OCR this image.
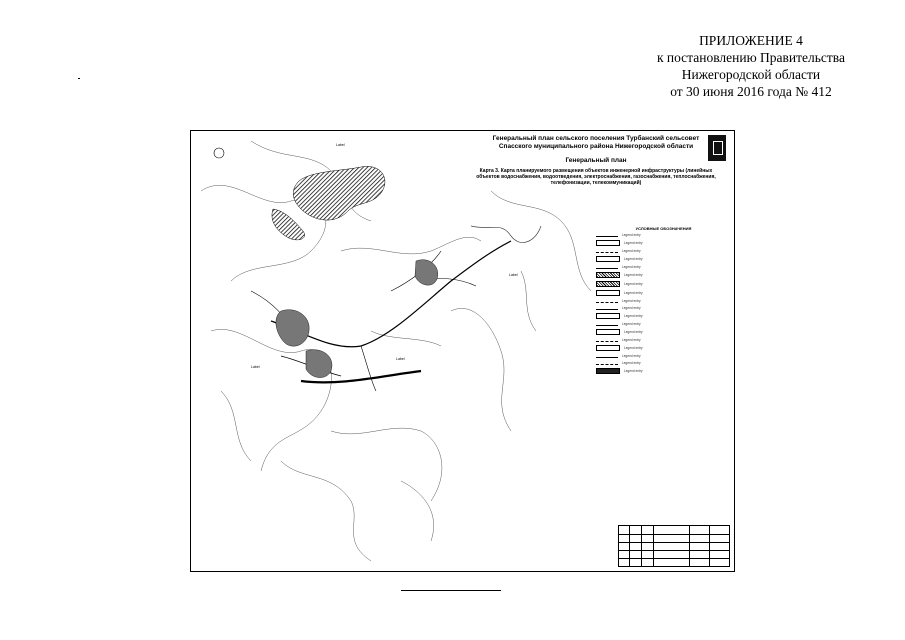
ПРИЛОЖЕНИЕ 4
к постановлению Правительства
Нижегородской области
от 30 июня 2016 года № 412
Генеральный план сельского поселения Турбанский сельсовет
Спасского муниципального района Нижегородской области
Генеральный план
Карта 3. Карта планируемого размещения объектов инженерной инфраструктуры (линейных объектов водоснабжения, водоотведения, электроснабжения, газоснабжения, теплоснабжения, телефонизации, телекоммуникаций)
Label
Label
Label
Label
УСЛОВНЫЕ ОБОЗНАЧЕНИЯ
Legend entry
Legend entry
Legend entry
Legend entry
Legend entry
Legend entry
Legend entry
Legend entry
Legend entry
Legend entry
Legend entry
Legend entry
Legend entry
Legend entry
Legend entry
Legend entry
Legend entry
Legend entry
